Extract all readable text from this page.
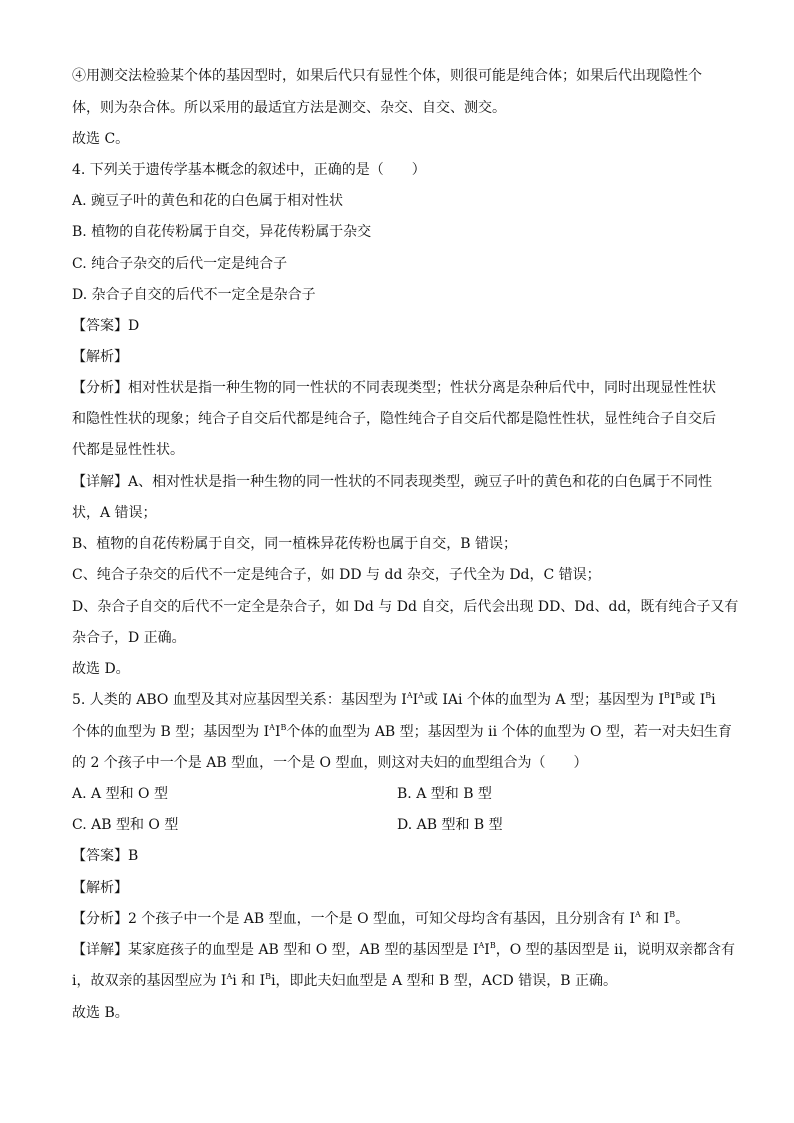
④用测交法检验某个体的基因型时，如果后代只有显性个体，则很可能是纯合体；如果后代出现隐性个
体，则为杂合体。所以采用的最适宜方法是测交、杂交、自交、测交。
故选 C。
4. 下列关于遗传学基本概念的叙述中，正确的是（　　）
A. 豌豆子叶的黄色和花的白色属于相对性状
B. 植物的自花传粉属于自交，异花传粉属于杂交
C. 纯合子杂交的后代一定是纯合子
D. 杂合子自交的后代不一定全是杂合子
【答案】D
【解析】
【分析】相对性状是指一种生物的同一性状的不同表现类型；性状分离是杂种后代中，同时出现显性性状
和隐性性状的现象；纯合子自交后代都是纯合子，隐性纯合子自交后代都是隐性性状，显性纯合子自交后
代都是显性性状。
【详解】A、相对性状是指一种生物的同一性状的不同表现类型，豌豆子叶的黄色和花的白色属于不同性
状，A 错误；
B、植物的自花传粉属于自交，同一植株异花传粉也属于自交，B 错误；
C、纯合子杂交的后代不一定是纯合子，如 DD 与 dd 杂交，子代全为 Dd，C 错误；
D、杂合子自交的后代不一定全是杂合子，如 Dd 与 Dd 自交，后代会出现 DD、Dd、dd，既有纯合子又有
杂合子，D 正确。
故选 D。
5. 人类的 ABO 血型及其对应基因型关系：基因型为 $I^AI^A$或 IAi 个体的血型为 A 型；基因型为 $I^BI^B$或 $I^Bi$
个体的血型为 B 型；基因型为 $I^AI^B$个体的血型为 AB 型；基因型为 ii 个体的血型为 O 型，若一对夫妇生育
的 2 个孩子中一个是 AB 型血，一个是 O 型血，则这对夫妇的血型组合为（　　）
A. A 型和 O 型	B. A 型和 B 型
C. AB 型和 O 型	D. AB 型和 B 型
【答案】B
【解析】
【分析】2 个孩子中一个是 AB 型血，一个是 O 型血，可知父母均含有基因，且分别含有 $I^A$ 和 $I^B$。
【详解】某家庭孩子的血型是 AB 型和 O 型，AB 型的基因型是 $I^AI^B$，O 型的基因型是 ii，说明双亲都含有
i，故双亲的基因型应为 $I^Ai$ 和 $I^Bi$，即此夫妇血型是 A 型和 B 型，ACD 错误，B 正确。
故选 B。
